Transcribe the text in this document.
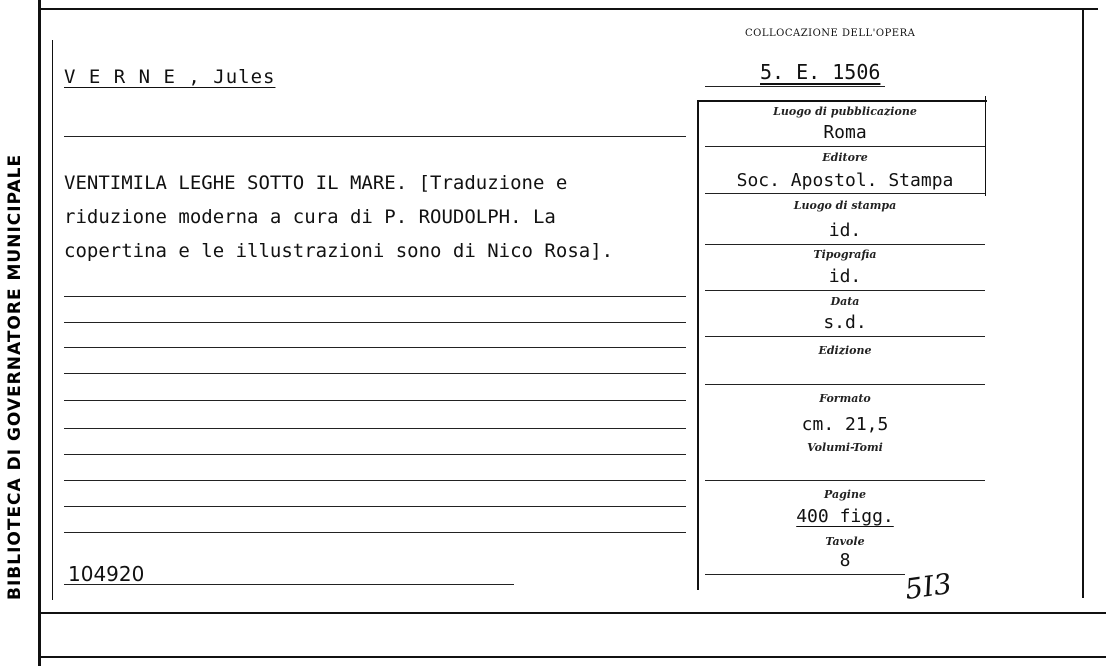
BIBLIOTECA DI GOVERNATORE MUNICIPALE
COLLOCAZIONE DELL'OPERA
V E R N E , Jules	5. E. 1506
VENTIMILA LEGHE SOTTO IL MARE. [Traduzione e
riduzione moderna a cura di P. ROUDOLPH. La
copertina e le illustrazioni sono di Nico Rosa].
104920
Luogo di pubblicazione
Roma
Editore
Soc. Apostol. Stampa
Luogo di stampa
id.
Tipografia
id.
Data
s.d.
Edizione
Formato
cm. 21,5
Volumi-Tomi
Pagine
400 figg.
Tavole
8
5I3
